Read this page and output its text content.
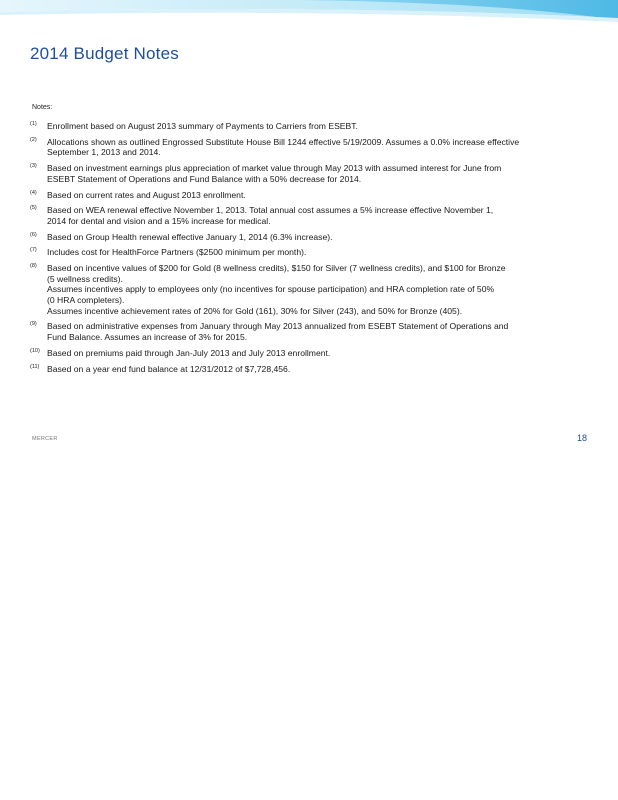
2014 Budget Notes
Notes:
(1) Enrollment based on August 2013 summary of Payments to Carriers from ESEBT.
(2) Allocations shown as outlined Engrossed Substitute House Bill 1244 effective 5/19/2009. Assumes a 0.0% increase effective
September 1, 2013 and 2014.
(3) Based on investment earnings plus appreciation of market value through May 2013 with assumed interest for June from
ESEBT Statement of Operations and Fund Balance with a 50% decrease for 2014.
(4) Based on current rates and August 2013 enrollment.
(5) Based on WEA renewal effective November 1, 2013. Total annual cost assumes a 5% increase effective November 1,
2014 for dental and vision and a 15% increase for medical.
(6) Based on Group Health renewal effective January 1, 2014 (6.3% increase).
(7) Includes cost for HealthForce Partners ($2500 minimum per month).
(8) Based on incentive values of $200 for Gold (8 wellness credits), $150 for Silver (7 wellness credits), and $100 for Bronze
(5 wellness credits).
Assumes incentives apply to employees only (no incentives for spouse participation) and HRA completion rate of 50%
(0 HRA completers).
Assumes incentive achievement rates of 20% for Gold (161), 30% for Silver (243), and 50% for Bronze (405).
(9) Based on administrative expenses from January through May 2013 annualized from ESEBT Statement of Operations and
Fund Balance. Assumes an increase of 3% for 2015.
(10) Based on premiums paid through Jan-July 2013 and July 2013 enrollment.
(11) Based on a year end fund balance at 12/31/2012 of $7,728,456.
MERCER	18
